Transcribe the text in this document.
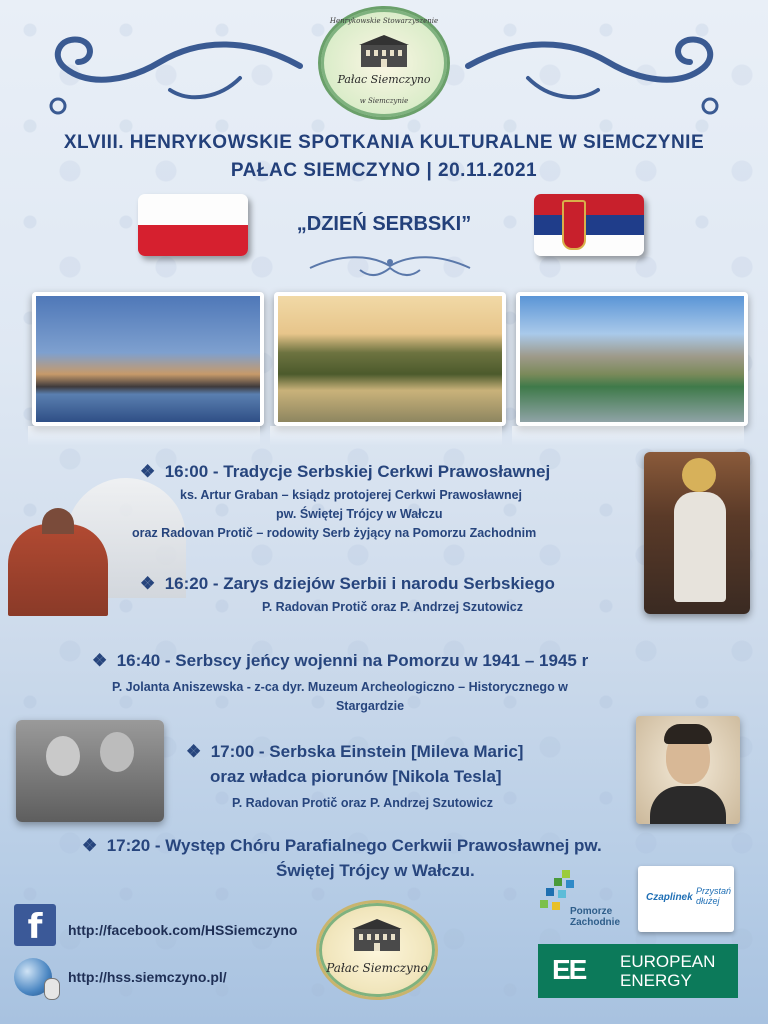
Henrykowskie Stowarzyszenie
Pałac Siemczyno
w Siemczynie
XLVIII. HENRYKOWSKIE SPOTKANIA KULTURALNE W SIEMCZYNIE
PAŁAC SIEMCZYNO | 20.11.2021
„DZIEŃ SERBSKI”
❖ 16:00 - Tradycje Serbskiej Cerkwi Prawosławnej
ks. Artur Graban – ksiądz protojerej Cerkwi Prawosławnej
pw. Świętej Trójcy w Wałczu
oraz Radovan Protič – rodowity Serb żyjący na Pomorzu Zachodnim
❖ 16:20 - Zarys dziejów Serbii i narodu Serbskiego
P. Radovan Protič oraz P. Andrzej Szutowicz
❖ 16:40 - Serbscy jeńcy wojenni na Pomorzu w 1941 – 1945 r
P. Jolanta Aniszewska - z-ca dyr. Muzeum Archeologiczno – Historycznego w
Stargardzie
❖ 17:00 - Serbska Einstein [Mileva Maric]
oraz władca piorunów [Nikola Tesla]
P. Radovan Protič oraz P. Andrzej Szutowicz
❖ 17:20 - Występ Chóru Parafialnego Cerkwii Prawosławnej pw.
Świętej Trójcy w Wałczu.
f	http://facebook.com/HSSiemczyno
http://hss.siemczyno.pl/
Pałac Siemczyno
Pomorze Zachodnie
Czaplinek
Przystań dłużej
EE EUROPEAN
ENERGY
